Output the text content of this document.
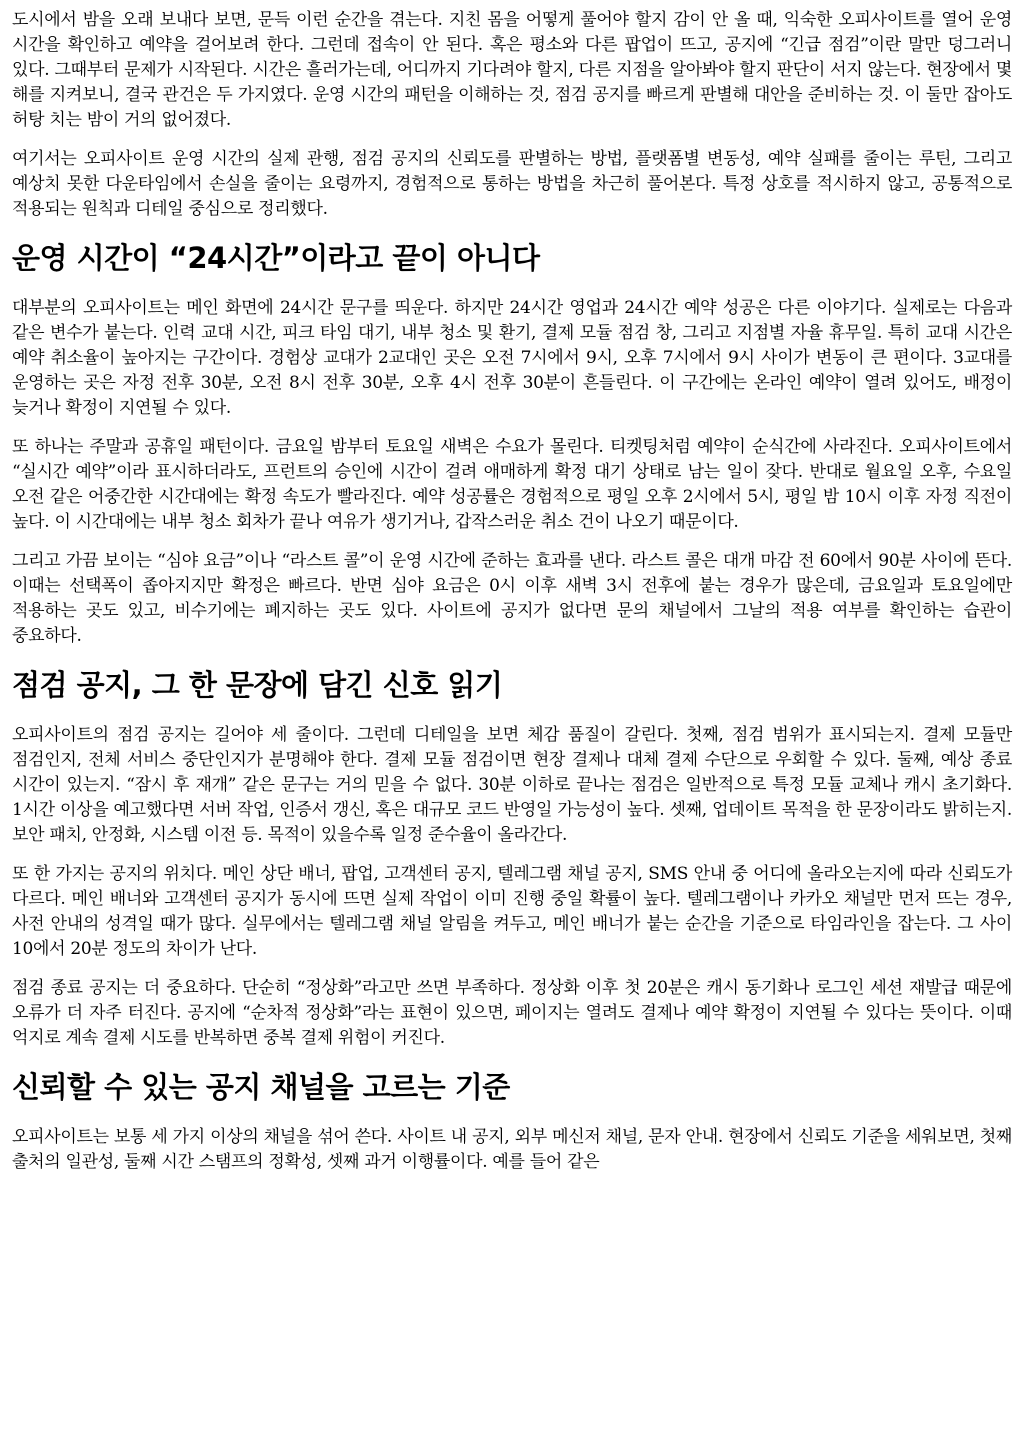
도시에서 밤을 오래 보내다 보면, 문득 이런 순간을 겪는다. 지친 몸을 어떻게 풀어야 할지 감이 안 올 때, 익숙한 오피사이트를 열어 운영 시간을 확인하고 예약을 걸어보려 한다. 그런데 접속이 안 된다. 혹은 평소와 다른 팝업이 뜨고, 공지에 “긴급 점검”이란 말만 덩그러니 있다. 그때부터 문제가 시작된다. 시간은 흘러가는데, 어디까지 기다려야 할지, 다른 지점을 알아봐야 할지 판단이 서지 않는다. 현장에서 몇 해를 지켜보니, 결국 관건은 두 가지였다. 운영 시간의 패턴을 이해하는 것, 점검 공지를 빠르게 판별해 대안을 준비하는 것. 이 둘만 잡아도 허탕 치는 밤이 거의 없어졌다.

여기서는 오피사이트 운영 시간의 실제 관행, 점검 공지의 신뢰도를 판별하는 방법, 플랫폼별 변동성, 예약 실패를 줄이는 루틴, 그리고 예상치 못한 다운타임에서 손실을 줄이는 요령까지, 경험적으로 통하는 방법을 차근히 풀어본다. 특정 상호를 적시하지 않고, 공통적으로 적용되는 원칙과 디테일 중심으로 정리했다.

운영 시간이 “24시간”이라고 끝이 아니다

대부분의 오피사이트는 메인 화면에 24시간 문구를 띄운다. 하지만 24시간 영업과 24시간 예약 성공은 다른 이야기다. 실제로는 다음과 같은 변수가 붙는다. 인력 교대 시간, 피크 타임 대기, 내부 청소 및 환기, 결제 모듈 점검 창, 그리고 지점별 자율 휴무일. 특히 교대 시간은 예약 취소율이 높아지는 구간이다. 경험상 교대가 2교대인 곳은 오전 7시에서 9시, 오후 7시에서 9시 사이가 변동이 큰 편이다. 3교대를 운영하는 곳은 자정 전후 30분, 오전 8시 전후 30분, 오후 4시 전후 30분이 흔들린다. 이 구간에는 온라인 예약이 열려 있어도, 배정이 늦거나 확정이 지연될 수 있다.

또 하나는 주말과 공휴일 패턴이다. 금요일 밤부터 토요일 새벽은 수요가 몰린다. 티켓팅처럼 예약이 순식간에 사라진다. 오피사이트에서 “실시간 예약”이라 표시하더라도, 프런트의 승인에 시간이 걸려 애매하게 확정 대기 상태로 남는 일이 잦다. 반대로 월요일 오후, 수요일 오전 같은 어중간한 시간대에는 확정 속도가 빨라진다. 예약 성공률은 경험적으로 평일 오후 2시에서 5시, 평일 밤 10시 이후 자정 직전이 높다. 이 시간대에는 내부 청소 회차가 끝나 여유가 생기거나, 갑작스러운 취소 건이 나오기 때문이다.

그리고 가끔 보이는 “심야 요금”이나 “라스트 콜”이 운영 시간에 준하는 효과를 낸다. 라스트 콜은 대개 마감 전 60에서 90분 사이에 뜬다. 이때는 선택폭이 좁아지지만 확정은 빠르다. 반면 심야 요금은 0시 이후 새벽 3시 전후에 붙는 경우가 많은데, 금요일과 토요일에만 적용하는 곳도 있고, 비수기에는 폐지하는 곳도 있다. 사이트에 공지가 없다면 문의 채널에서 그날의 적용 여부를 확인하는 습관이 중요하다.

점검 공지, 그 한 문장에 담긴 신호 읽기

오피사이트의 점검 공지는 길어야 세 줄이다. 그런데 디테일을 보면 체감 품질이 갈린다. 첫째, 점검 범위가 표시되는지. 결제 모듈만 점검인지, 전체 서비스 중단인지가 분명해야 한다. 결제 모듈 점검이면 현장 결제나 대체 결제 수단으로 우회할 수 있다. 둘째, 예상 종료 시간이 있는지. “잠시 후 재개” 같은 문구는 거의 믿을 수 없다. 30분 이하로 끝나는 점검은 일반적으로 특정 모듈 교체나 캐시 초기화다. 1시간 이상을 예고했다면 서버 작업, 인증서 갱신, 혹은 대규모 코드 반영일 가능성이 높다. 셋째, 업데이트 목적을 한 문장이라도 밝히는지. 보안 패치, 안정화, 시스템 이전 등. 목적이 있을수록 일정 준수율이 올라간다.

또 한 가지는 공지의 위치다. 메인 상단 배너, 팝업, 고객센터 공지, 텔레그램 채널 공지, SMS 안내 중 어디에 올라오는지에 따라 신뢰도가 다르다. 메인 배너와 고객센터 공지가 동시에 뜨면 실제 작업이 이미 진행 중일 확률이 높다. 텔레그램이나 카카오 채널만 먼저 뜨는 경우, 사전 안내의 성격일 때가 많다. 실무에서는 텔레그램 채널 알림을 켜두고, 메인 배너가 붙는 순간을 기준으로 타임라인을 잡는다. 그 사이 10에서 20분 정도의 차이가 난다.

점검 종료 공지는 더 중요하다. 단순히 “정상화”라고만 쓰면 부족하다. 정상화 이후 첫 20분은 캐시 동기화나 로그인 세션 재발급 때문에 오류가 더 자주 터진다. 공지에 “순차적 정상화”라는 표현이 있으면, 페이지는 열려도 결제나 예약 확정이 지연될 수 있다는 뜻이다. 이때 억지로 계속 결제 시도를 반복하면 중복 결제 위험이 커진다.

신뢰할 수 있는 공지 채널을 고르는 기준

오피사이트는 보통 세 가지 이상의 채널을 섞어 쓴다. 사이트 내 공지, 외부 메신저 채널, 문자 안내. 현장에서 신뢰도 기준을 세워보면, 첫째 출처의 일관성, 둘째 시간 스탬프의 정확성, 셋째 과거 이행률이다. 예를 들어 같은
